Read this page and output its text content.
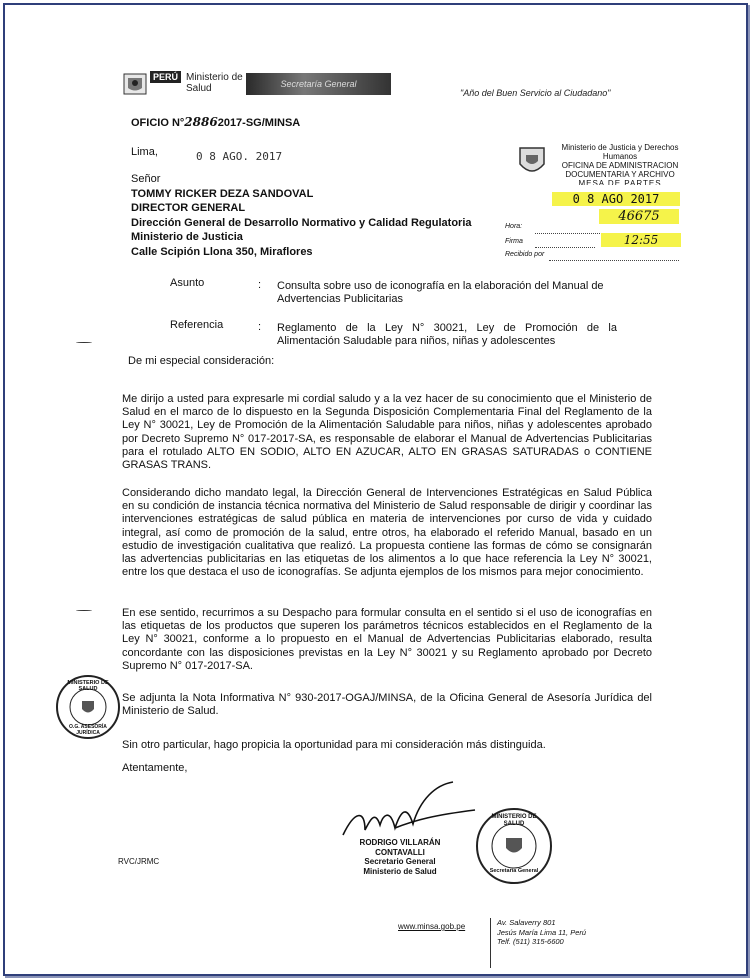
PERÚ Ministerio de Salud	Secretaría General
"Año del Buen Servicio al Ciudadano"
OFICIO N°28862017-SG/MINSA
Lima,	0 8 AGO. 2017
Señor
TOMMY RICKER DEZA SANDOVAL
DIRECTOR GENERAL
Dirección General de Desarrollo Normativo y Calidad Regulatoria
Ministerio de Justicia
Calle Scipión Llona 350, Miraflores
Ministerio de Justicia y Derechos Humanos
OFICINA DE ADMINISTRACION
DOCUMENTARIA Y ARCHIVO
MESA DE PARTES
0 8 AGO 2017
46675
Hora:
Firma	12:55
Recibido por
Asunto	: Consulta sobre uso de iconografía en la elaboración del Manual de Advertencias Publicitarias
Referencia	: Reglamento de la Ley N° 30021, Ley de Promoción de la Alimentación Saludable para niños, niñas y adolescentes
De mi especial consideración:
Me dirijo a usted para expresarle mi cordial saludo y a la vez hacer de su conocimiento que el Ministerio de Salud en el marco de lo dispuesto en la Segunda Disposición Complementaria Final del Reglamento de la Ley N° 30021, Ley de Promoción de la Alimentación Saludable para niños, niñas y adolescentes aprobado por Decreto Supremo N° 017-2017-SA, es responsable de elaborar el Manual de Advertencias Publicitarias para el rotulado ALTO EN SODIO, ALTO EN AZUCAR, ALTO EN GRASAS SATURADAS o CONTIENE GRASAS TRANS.
Considerando dicho mandato legal, la Dirección General de Intervenciones Estratégicas en Salud Pública en su condición de instancia técnica normativa del Ministerio de Salud responsable de dirigir y coordinar las intervenciones estratégicas de salud pública en materia de intervenciones por curso de vida y cuidado integral, así como de promoción de la salud, entre otros, ha elaborado el referido Manual, basado en un estudio de investigación cualitativa que realizó. La propuesta contiene las formas de cómo se consignarán las advertencias publicitarias en las etiquetas de los alimentos a lo que hace referencia la Ley N° 30021, entre los que destaca el uso de iconografías. Se adjunta ejemplos de los mismos para mejor conocimiento.
En ese sentido, recurrimos a su Despacho para formular consulta en el sentido si el uso de iconografías en las etiquetas de los productos que superen los parámetros técnicos establecidos en el Reglamento de la Ley N° 30021, conforme a lo propuesto en el Manual de Advertencias Publicitarias elaborado, resulta concordante con las disposiciones previstas en la Ley N° 30021 y su Reglamento aprobado por Decreto Supremo N° 017-2017-SA.
Se adjunta la Nota Informativa N° 930-2017-OGAJ/MINSA, de la Oficina General de Asesoría Jurídica del Ministerio de Salud.
Sin otro particular, hago propicia la oportunidad para mi consideración más distinguida.
Atentamente,
MINISTERIO DE SALUD
O.G. ASESORÍA JURÍDICA
RODRIGO VILLARÁN CONTAVALLI
Secretario General
Ministerio de Salud
MINISTERIO DE SALUD
Secretaría General
RVC/JRMC
www.minsa.gob.pe	Av. Salaverry 801
Jesús María Lima 11, Perú
Telf. (511) 315-6600
